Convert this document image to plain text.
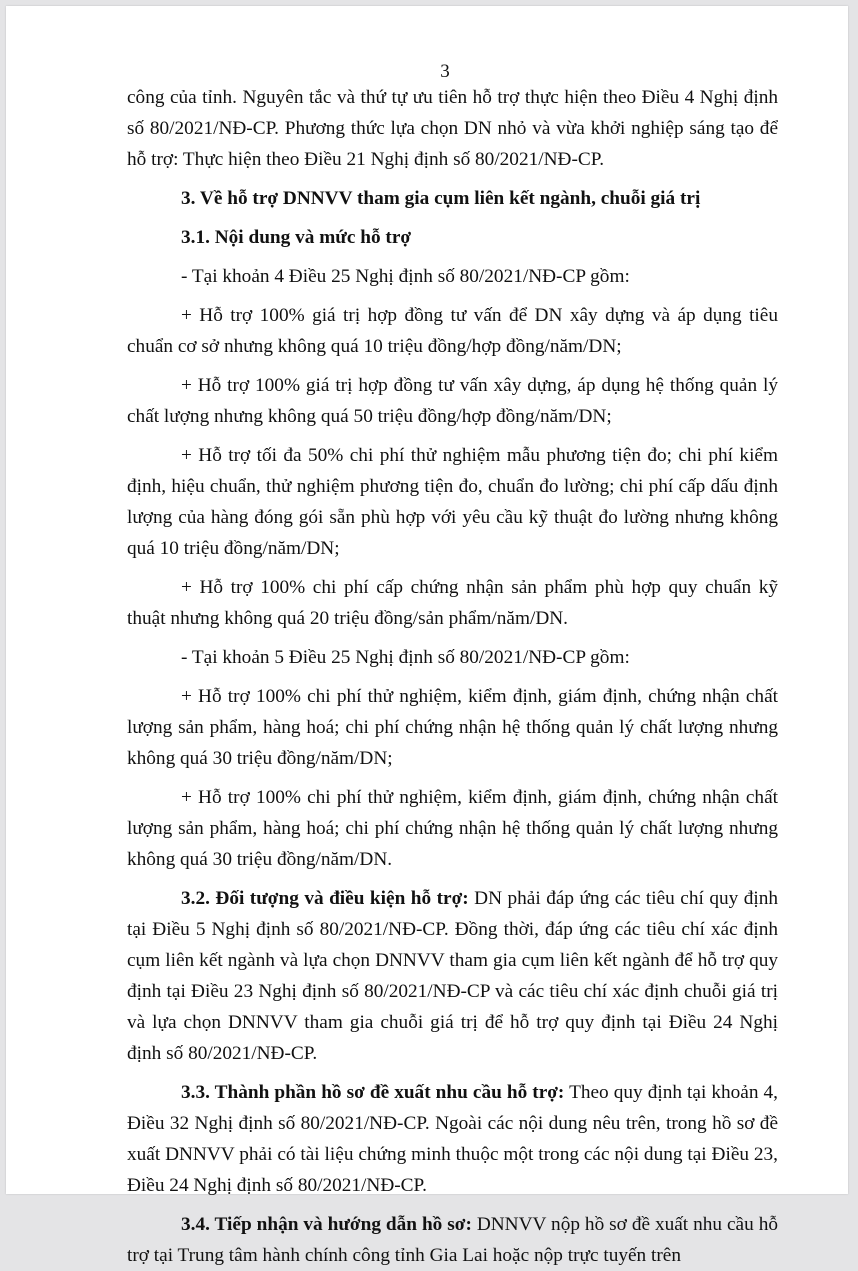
3

công của tỉnh. Nguyên tắc và thứ tự ưu tiên hỗ trợ thực hiện theo Điều 4 Nghị định số 80/2021/NĐ-CP. Phương thức lựa chọn DN nhỏ và vừa khởi nghiệp sáng tạo để hỗ trợ: Thực hiện theo Điều 21 Nghị định số 80/2021/NĐ-CP.

3. Về hỗ trợ DNNVV tham gia cụm liên kết ngành, chuỗi giá trị

3.1. Nội dung và mức hỗ trợ

- Tại khoản 4 Điều 25 Nghị định số 80/2021/NĐ-CP gồm:

+ Hỗ trợ 100% giá trị hợp đồng tư vấn để DN xây dựng và áp dụng tiêu chuẩn cơ sở nhưng không quá 10 triệu đồng/hợp đồng/năm/DN;

+ Hỗ trợ 100% giá trị hợp đồng tư vấn xây dựng, áp dụng hệ thống quản lý chất lượng nhưng không quá 50 triệu đồng/hợp đồng/năm/DN;

+ Hỗ trợ tối đa 50% chi phí thử nghiệm mẫu phương tiện đo; chi phí kiểm định, hiệu chuẩn, thử nghiệm phương tiện đo, chuẩn đo lường; chi phí cấp dấu định lượng của hàng đóng gói sẵn phù hợp với yêu cầu kỹ thuật đo lường nhưng không quá 10 triệu đồng/năm/DN;

+ Hỗ trợ 100% chi phí cấp chứng nhận sản phẩm phù hợp quy chuẩn kỹ thuật nhưng không quá 20 triệu đồng/sản phẩm/năm/DN.

- Tại khoản 5 Điều 25 Nghị định số 80/2021/NĐ-CP gồm:

+ Hỗ trợ 100% chi phí thử nghiệm, kiểm định, giám định, chứng nhận chất lượng sản phẩm, hàng hoá; chi phí chứng nhận hệ thống quản lý chất lượng nhưng không quá 30 triệu đồng/năm/DN;

+ Hỗ trợ 100% chi phí thử nghiệm, kiểm định, giám định, chứng nhận chất lượng sản phẩm, hàng hoá; chi phí chứng nhận hệ thống quản lý chất lượng nhưng không quá 30 triệu đồng/năm/DN.

3.2. Đối tượng và điều kiện hỗ trợ: DN phải đáp ứng các tiêu chí quy định tại Điều 5 Nghị định số 80/2021/NĐ-CP. Đồng thời, đáp ứng các tiêu chí xác định cụm liên kết ngành và lựa chọn DNNVV tham gia cụm liên kết ngành để hỗ trợ quy định tại Điều 23 Nghị định số 80/2021/NĐ-CP và các tiêu chí xác định chuỗi giá trị và lựa chọn DNNVV tham gia chuỗi giá trị để hỗ trợ quy định tại Điều 24 Nghị định số 80/2021/NĐ-CP.

3.3. Thành phần hồ sơ đề xuất nhu cầu hỗ trợ: Theo quy định tại khoản 4, Điều 32 Nghị định số 80/2021/NĐ-CP. Ngoài các nội dung nêu trên, trong hồ sơ đề xuất DNNVV phải có tài liệu chứng minh thuộc một trong các nội dung tại Điều 23, Điều 24 Nghị định số 80/2021/NĐ-CP.

3.4. Tiếp nhận và hướng dẫn hồ sơ: DNNVV nộp hồ sơ đề xuất nhu cầu hỗ trợ tại Trung tâm hành chính công tỉnh Gia Lai hoặc nộp trực tuyến trên
